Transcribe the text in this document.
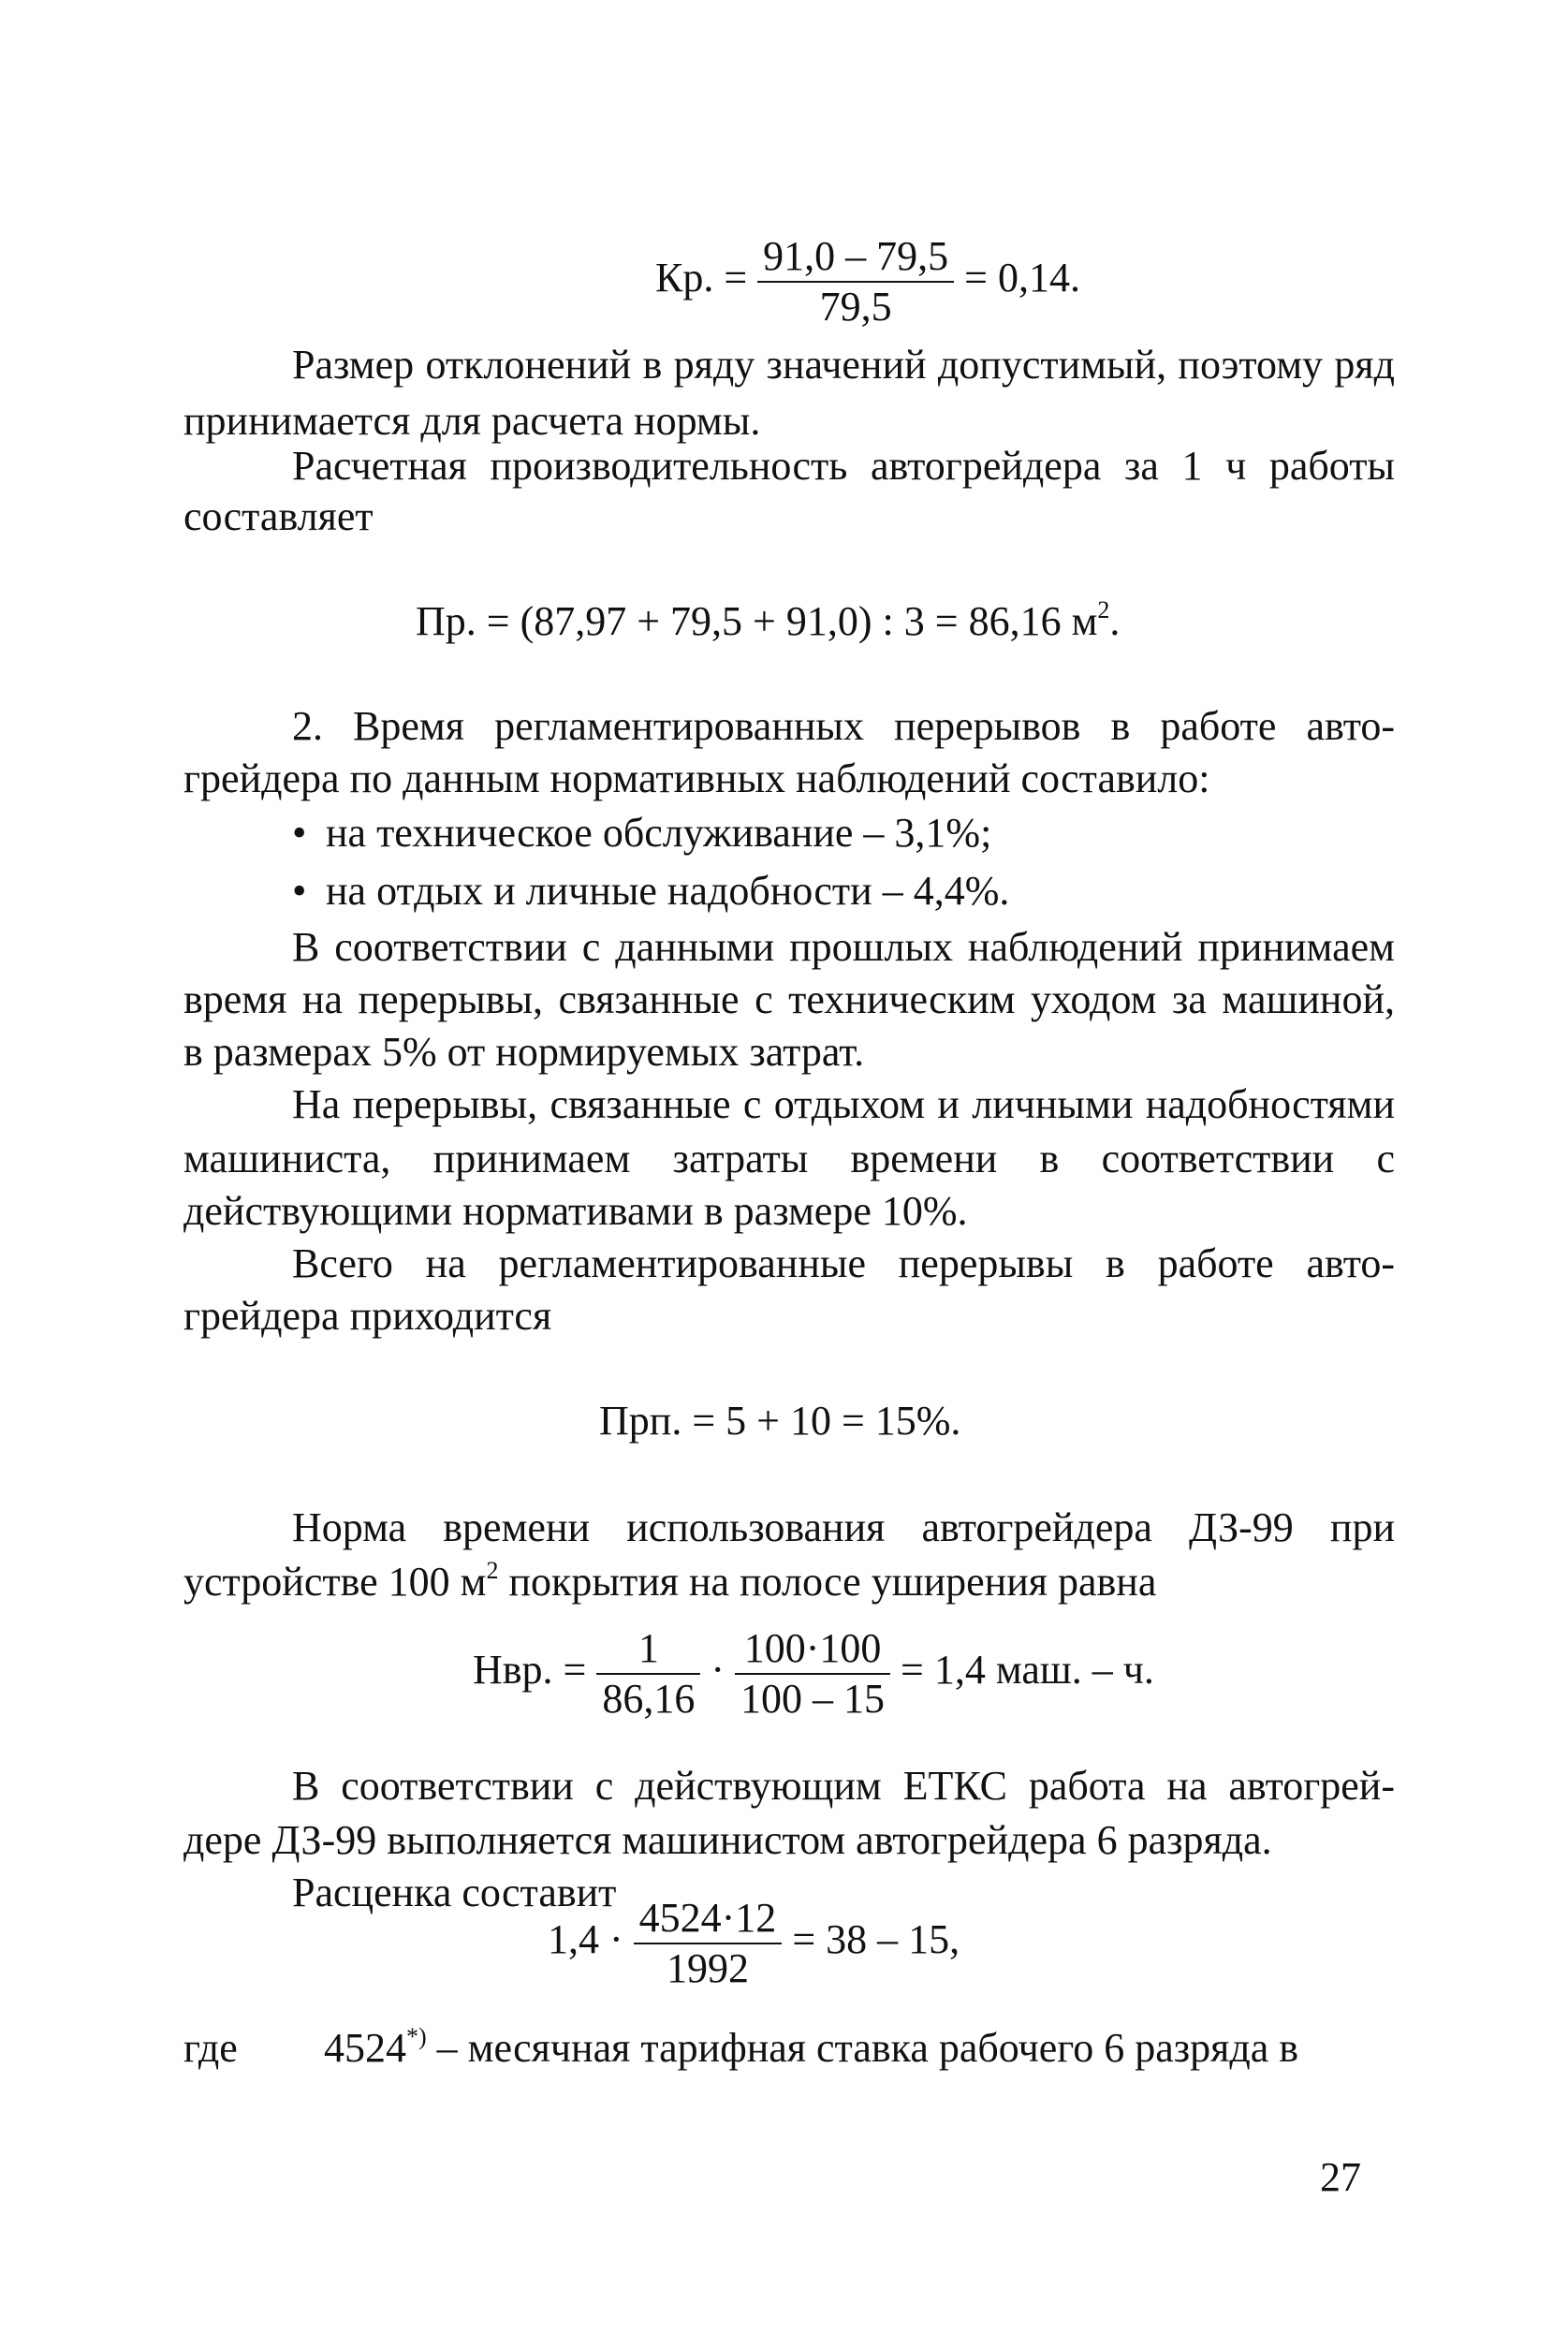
Кр. = $\frac{91,0 - 79,5}{79,5} = 0,14$.
Размер отклонений в ряду значений допустимый, поэтому ряд
принимается для расчета нормы.
Расчетная производительность автогрейдера за 1 ч работы
составляет
Пр. = (87,97 + 79,5 + 91,0) : 3 = 86,16 $м^2$.
2. Время регламентированных перерывов в работе авто-
грейдера по данным нормативных наблюдений составило:
• на техническое обслуживание – 3,1%;
• на отдых и личные надобности – 4,4%.
В соответствии с данными прошлых наблюдений принимаем
время на перерывы, связанные с техническим уходом за машиной,
в размерах 5% от нормируемых затрат.
На перерывы, связанные с отдыхом и личными надобностями
машиниста, принимаем затраты времени в соответствии с
действующими нормативами в размере 10%.
Всего на регламентированные перерывы в работе авто-
грейдера приходится
Прп. = 5 + 10 = 15%.
Норма времени использования автогрейдера ДЗ-99 при
устройстве 100 $м^2$ покрытия на полосе уширения равна
Нвр. = $\frac{1}{86,16} \cdot \frac{100\cdot 100}{100 - 15} = 1,4$ маш. – ч.
В соответствии с действующим ЕТКС работа на автогрей-
дере ДЗ-99 выполняется машинистом автогрейдера 6 разряда.
Расценка составит
$1,4 \cdot \frac{4524\cdot 12}{1992} = 38 - 15$,
где 4524*) – месячная тарифная ставка рабочего 6 разряда в
27
